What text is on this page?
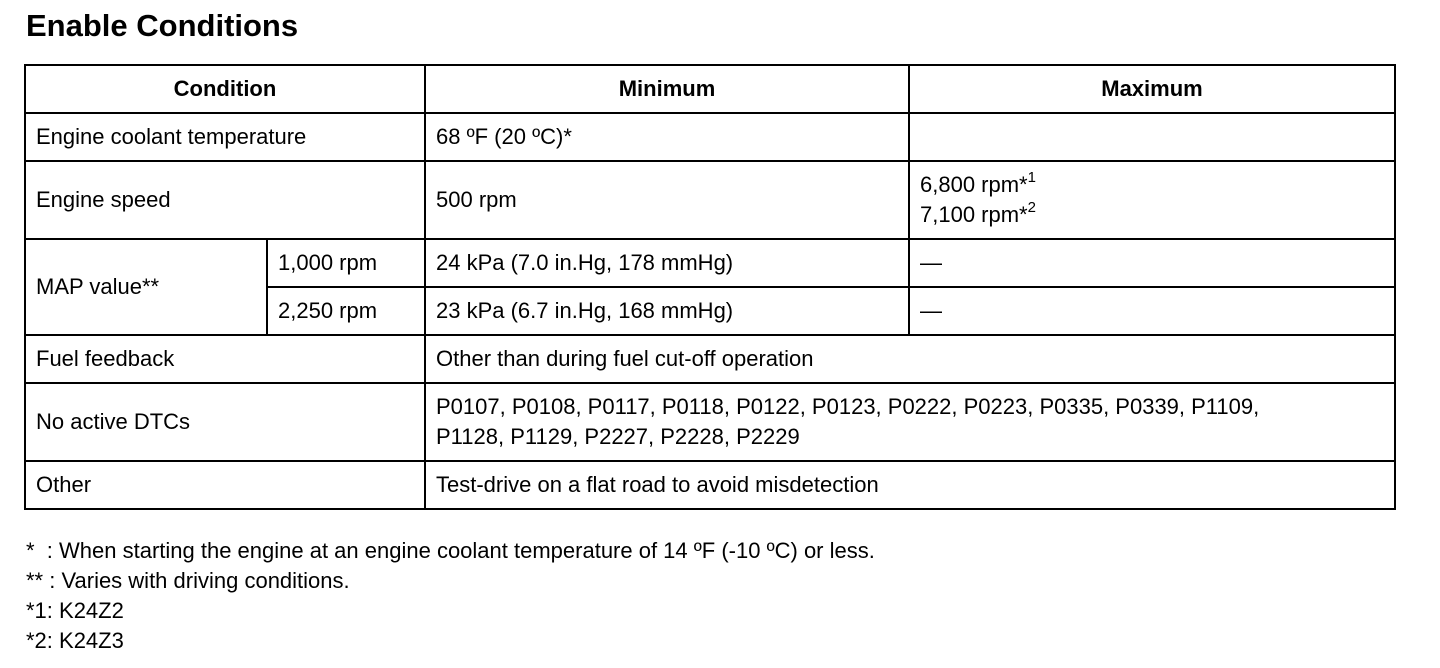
Enable Conditions
Condition		Minimum	Maximum
Engine coolant temperature		68 ºF (20 ºC)*	
Engine speed		500 rpm	6,800 rpm*$^1$
7,100 rpm*$^2$

MAP value**	1,000 rpm	24 kPa (7.0 in.Hg, 178 mmHg)	—
	2,250 rpm	23 kPa (6.7 in.Hg, 168 mmHg)	—
Fuel feedback		Other than during fuel cut-off operation	
No active DTCs		P0107, P0108, P0117, P0118, P0122, P0123, P0222, P0223, P0335, P0339, P1109,
P1128, P1129, P2227, P2228, P2229	

Other		Test-drive on a flat road to avoid misdetection	
*  : When starting the engine at an engine coolant temperature of 14 ºF (-10 ºC) or less.
** : Varies with driving conditions.
*1: K24Z2
*2: K24Z3
